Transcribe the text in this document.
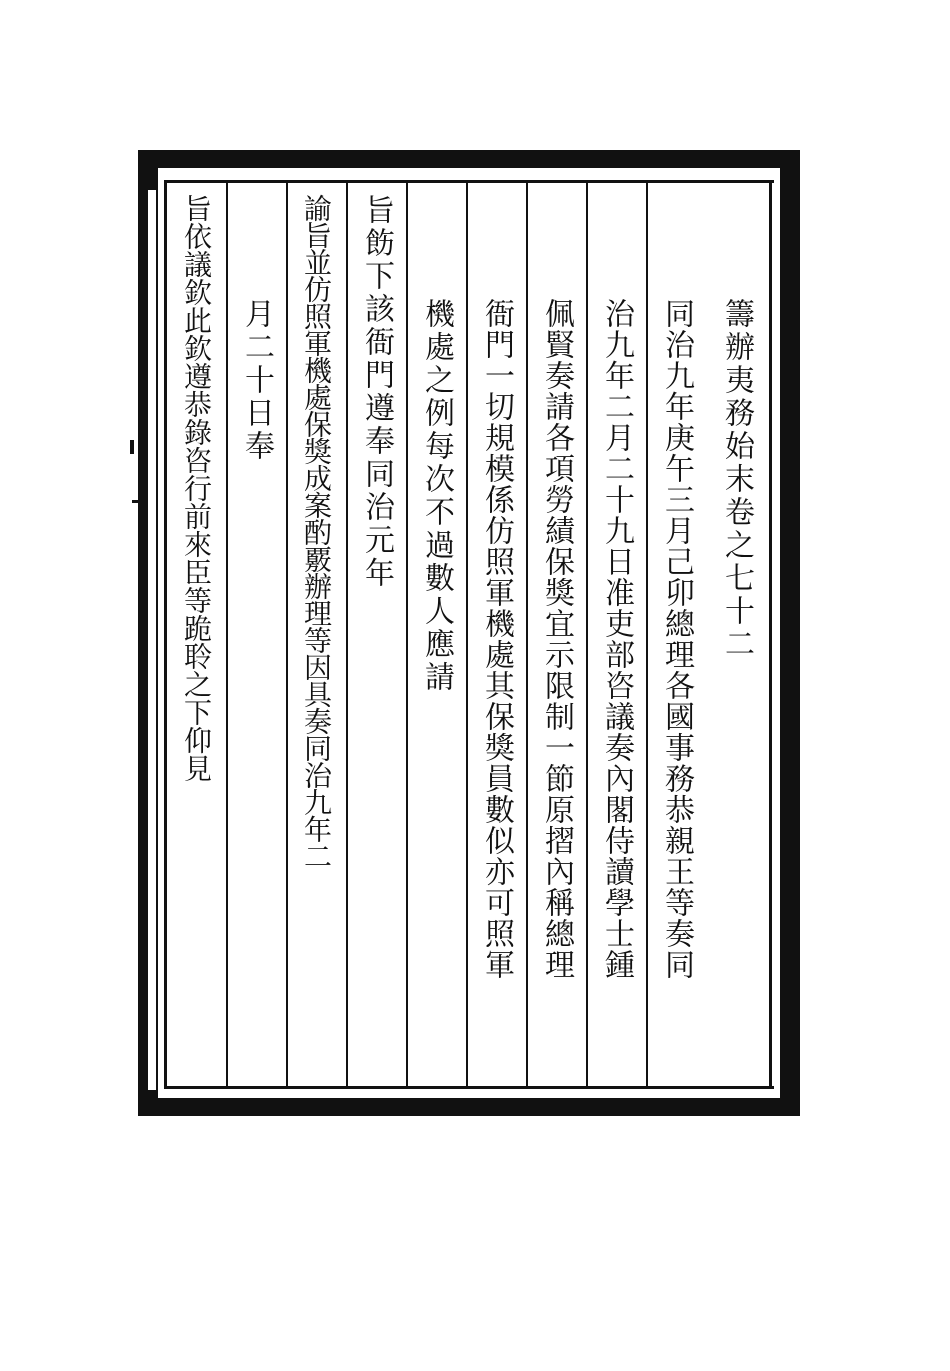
籌辦夷務始末卷之七十二
同治九年庚午三月己卯總理各國事務恭親王等奏同
治九年二月二十九日准吏部咨議奏內閣侍讀學士鍾
佩賢奏請各項勞績保獎宜示限制一節原摺內稱總理
衙門一切規模係仿照軍機處其保獎員數似亦可照軍
機處之例每次不過數人應請
旨飭下該衙門遵奉同治元年
諭旨並仿照軍機處保獎成案酌覈辦理等因具奏同治九年二
月二十日奉
旨依議欽此欽遵恭錄咨行前來臣等跪聆之下仰見
